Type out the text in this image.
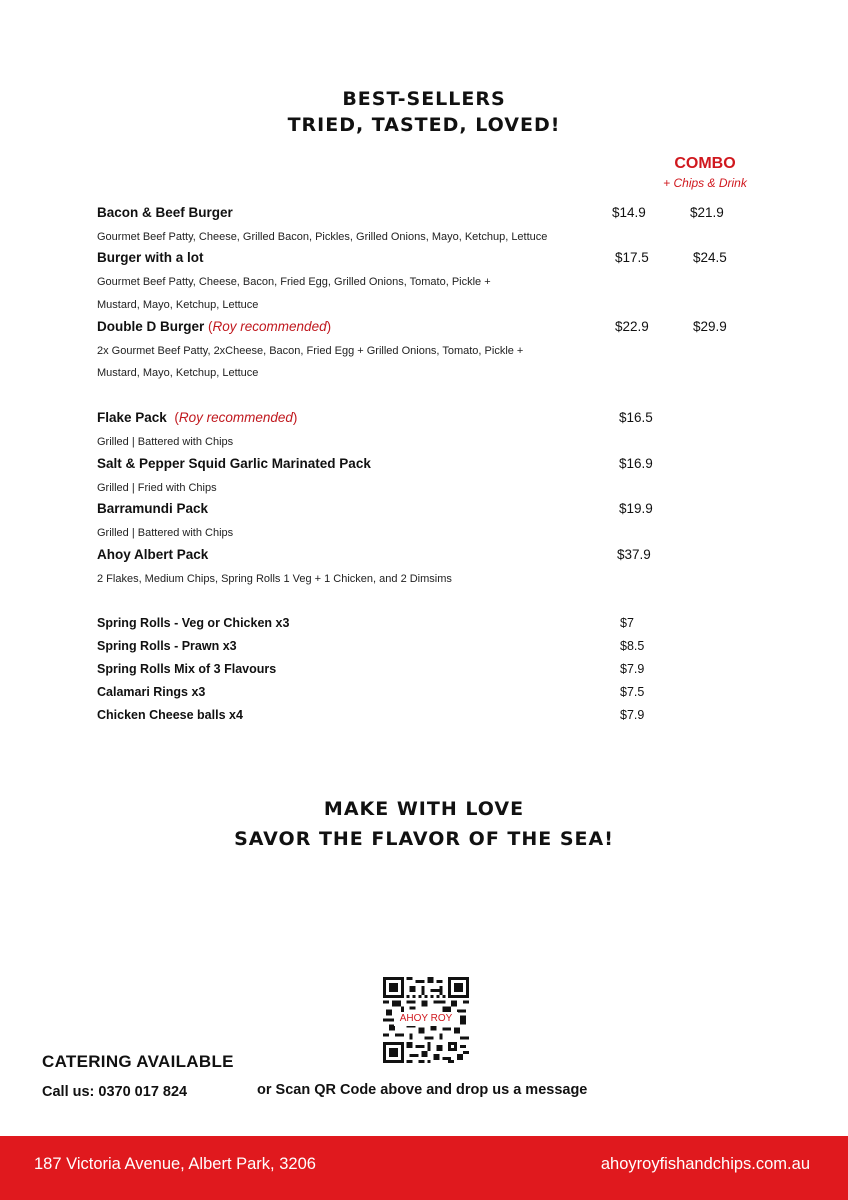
BEST-SELLERS
TRIED, TASTED, LOVED!
COMBO
+ Chips & Drink
Bacon & Beef Burger	$14.9	$21.9
Gourmet Beef Patty, Cheese, Grilled Bacon, Pickles, Grilled Onions, Mayo, Ketchup, Lettuce
Burger with a lot	$17.5	$24.5
Gourmet Beef Patty, Cheese, Bacon, Fried Egg, Grilled Onions, Tomato, Pickle +
Mustard, Mayo, Ketchup, Lettuce
Double D Burger (Roy recommended)	$22.9	$29.9
2x Gourmet Beef Patty, 2xCheese, Bacon, Fried Egg + Grilled Onions, Tomato, Pickle +
Mustard, Mayo, Ketchup, Lettuce
Flake Pack (Roy recommended)	$16.5
Grilled | Battered with Chips
Salt & Pepper Squid Garlic Marinated Pack	$16.9
Grilled | Fried with Chips
Barramundi Pack	$19.9
Grilled | Battered with Chips
Ahoy Albert Pack	$37.9
2 Flakes, Medium Chips, Spring Rolls 1 Veg + 1 Chicken, and 2 Dimsims
Spring Rolls - Veg or Chicken x3	$7
Spring Rolls - Prawn x3	$8.5
Spring Rolls Mix of 3 Flavours	$7.9
Calamari Rings x3	$7.5
Chicken Cheese balls x4	$7.9
MAKE WITH LOVE
SAVOR THE FLAVOR OF THE SEA!
AHOY ROY
CATERING AVAILABLE
Call us: 0370 017 824	or Scan QR Code above and drop us a message
187 Victoria Avenue, Albert Park, 3206	ahoyroyfishandchips.com.au
